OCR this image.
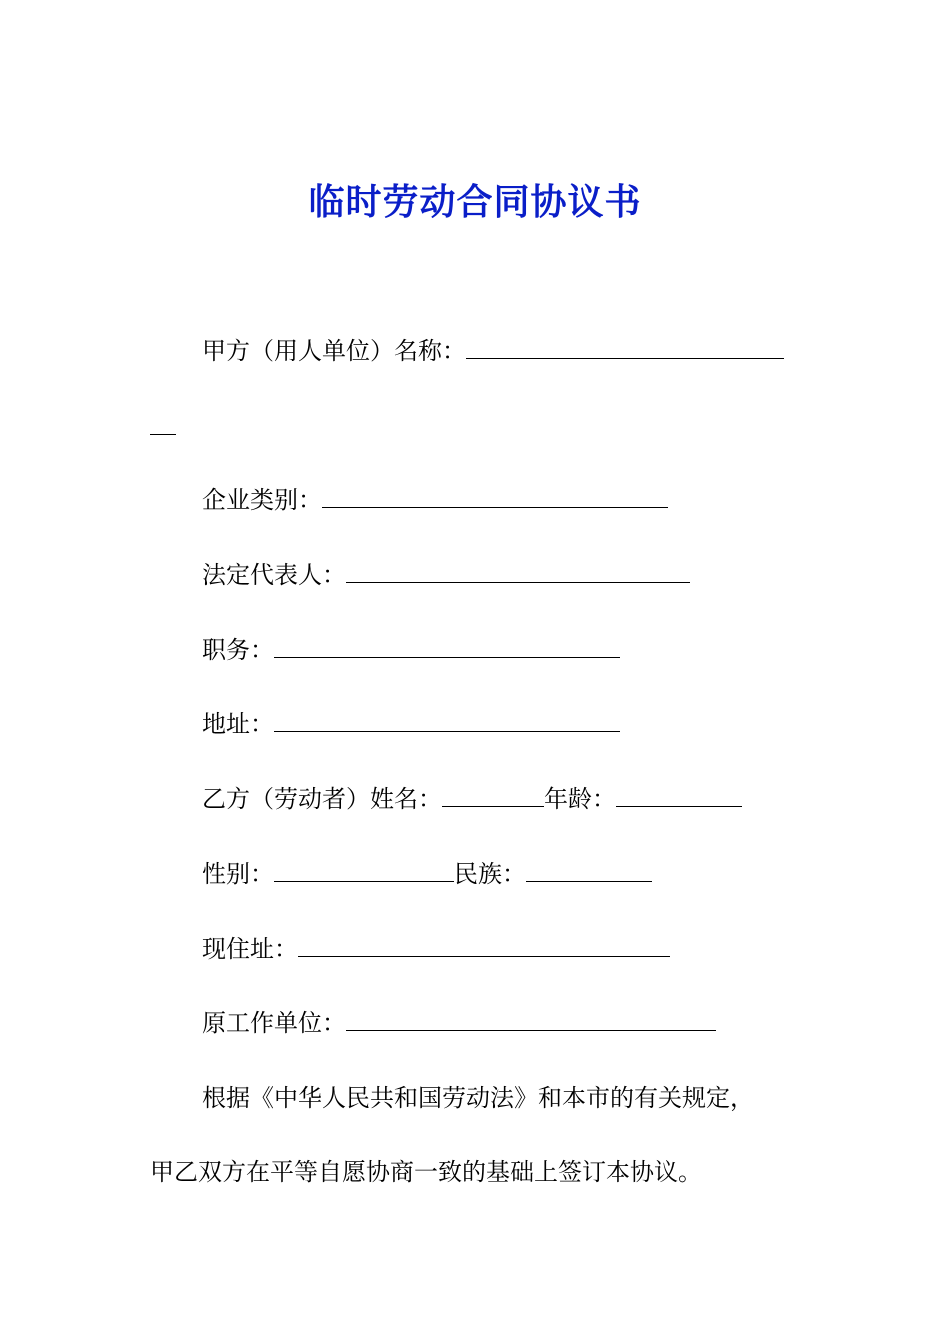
临时劳动合同协议书
甲方（用人单位）名称：
企业类别：
法定代表人：
职务：
地址：
乙方（劳动者）姓名：	年龄：
性别：	民族：
现住址：
原工作单位：
根据《中华人民共和国劳动法》和本市的有关规定，
甲乙双方在平等自愿协商一致的基础上签订本协议。
